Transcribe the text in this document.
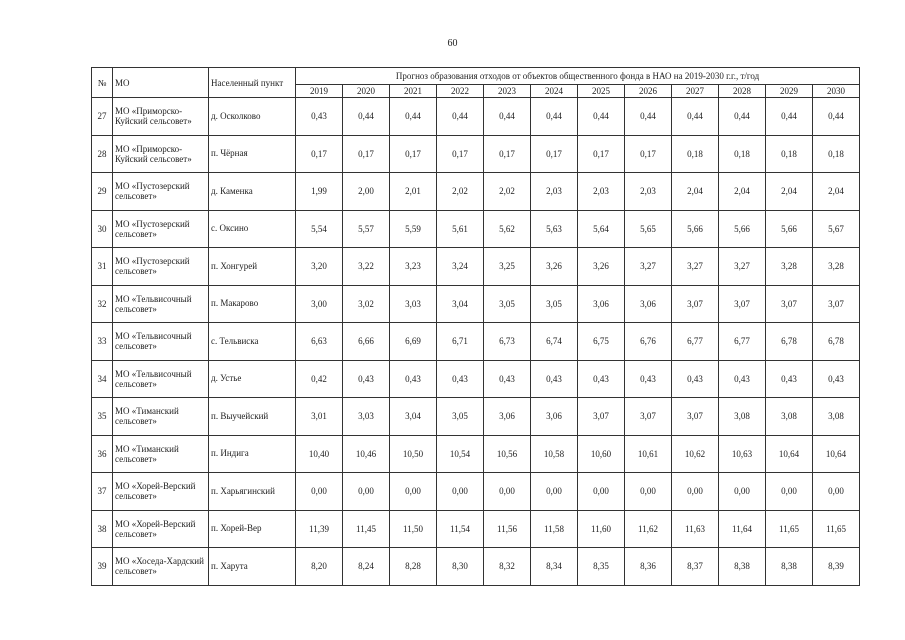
60
№	МО	Населенный пункт	Прогноз образования отходов от объектов общественного фонда в НАО на 2019-2030 г.г., т/год											
			2019	2020	2021	2022	2023	2024	2025	2026	2027	2028	2029	2030
27	МО «Приморско-Куйский сельсовет»	д. Осколково	0,43	0,44	0,44	0,44	0,44	0,44	0,44	0,44	0,44	0,44	0,44	0,44
28	МО «Приморско-Куйский сельсовет»	п. Чёрная	0,17	0,17	0,17	0,17	0,17	0,17	0,17	0,17	0,18	0,18	0,18	0,18
29	МО «Пустозерский сельсовет»	д. Каменка	1,99	2,00	2,01	2,02	2,02	2,03	2,03	2,03	2,04	2,04	2,04	2,04
30	МО «Пустозерский сельсовет»	с. Оксино	5,54	5,57	5,59	5,61	5,62	5,63	5,64	5,65	5,66	5,66	5,66	5,67
31	МО «Пустозерский сельсовет»	п. Хонгурей	3,20	3,22	3,23	3,24	3,25	3,26	3,26	3,27	3,27	3,27	3,28	3,28
32	МО «Тельвисочный сельсовет»	п. Макарово	3,00	3,02	3,03	3,04	3,05	3,05	3,06	3,06	3,07	3,07	3,07	3,07
33	МО «Тельвисочный сельсовет»	с. Тельвиска	6,63	6,66	6,69	6,71	6,73	6,74	6,75	6,76	6,77	6,77	6,78	6,78
34	МО «Тельвисочный сельсовет»	д. Устье	0,42	0,43	0,43	0,43	0,43	0,43	0,43	0,43	0,43	0,43	0,43	0,43
35	МО «Тиманский сельсовет»	п. Выучейский	3,01	3,03	3,04	3,05	3,06	3,06	3,07	3,07	3,07	3,08	3,08	3,08
36	МО «Тиманский сельсовет»	п. Индига	10,40	10,46	10,50	10,54	10,56	10,58	10,60	10,61	10,62	10,63	10,64	10,64
37	МО «Хорей-Верский сельсовет»	п. Харьягинский	0,00	0,00	0,00	0,00	0,00	0,00	0,00	0,00	0,00	0,00	0,00	0,00
38	МО «Хорей-Верский сельсовет»	п. Хорей-Вер	11,39	11,45	11,50	11,54	11,56	11,58	11,60	11,62	11,63	11,64	11,65	11,65
39	МО «Хоседа-Хардский сельсовет»	п. Харута	8,20	8,24	8,28	8,30	8,32	8,34	8,35	8,36	8,37	8,38	8,38	8,39
